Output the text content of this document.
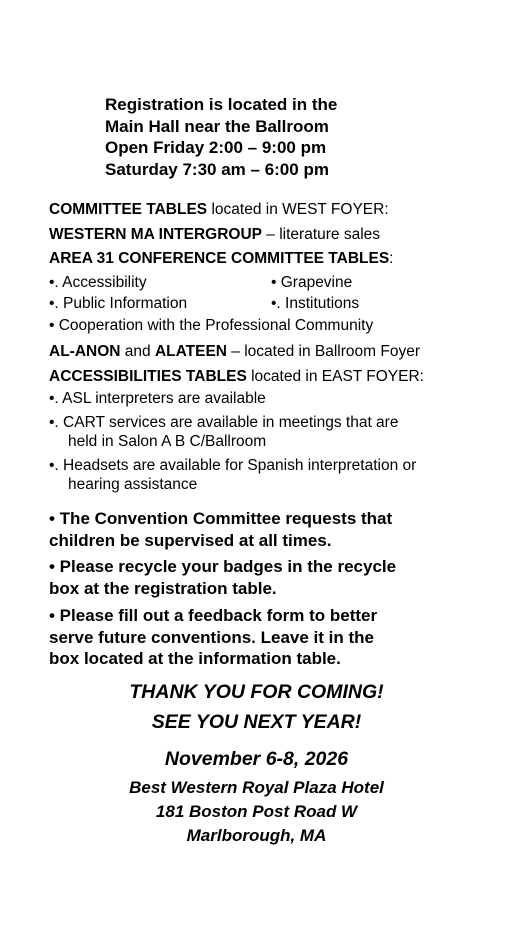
Registration is located in the
Main Hall near the Ballroom
Open Friday 2:00 – 9:00 pm
Saturday 7:30 am – 6:00 pm
COMMITTEE TABLES located in WEST FOYER:
WESTERN MA INTERGROUP – literature sales
AREA 31 CONFERENCE COMMITTEE TABLES:
•. Accessibility	• Grapevine
•. Public Information	•. Institutions
• Cooperation with the Professional Community
AL-ANON and ALATEEN – located in Ballroom Foyer
ACCESSIBILITIES TABLES located in EAST FOYER:
•. ASL interpreters are available
•. CART services are available in meetings that are
held in Salon A B C/Ballroom
•. Headsets are available for Spanish interpretation or
hearing assistance
• The Convention Committee requests that
children be supervised at all times.
• Please recycle your badges in the recycle
box at the registration table.
• Please fill out a feedback form to better
serve future conventions. Leave it in the
box located at the information table.
THANK YOU FOR COMING!
SEE YOU NEXT YEAR!
November 6-8, 2026
Best Western Royal Plaza Hotel
181 Boston Post Road W
Marlborough, MA
